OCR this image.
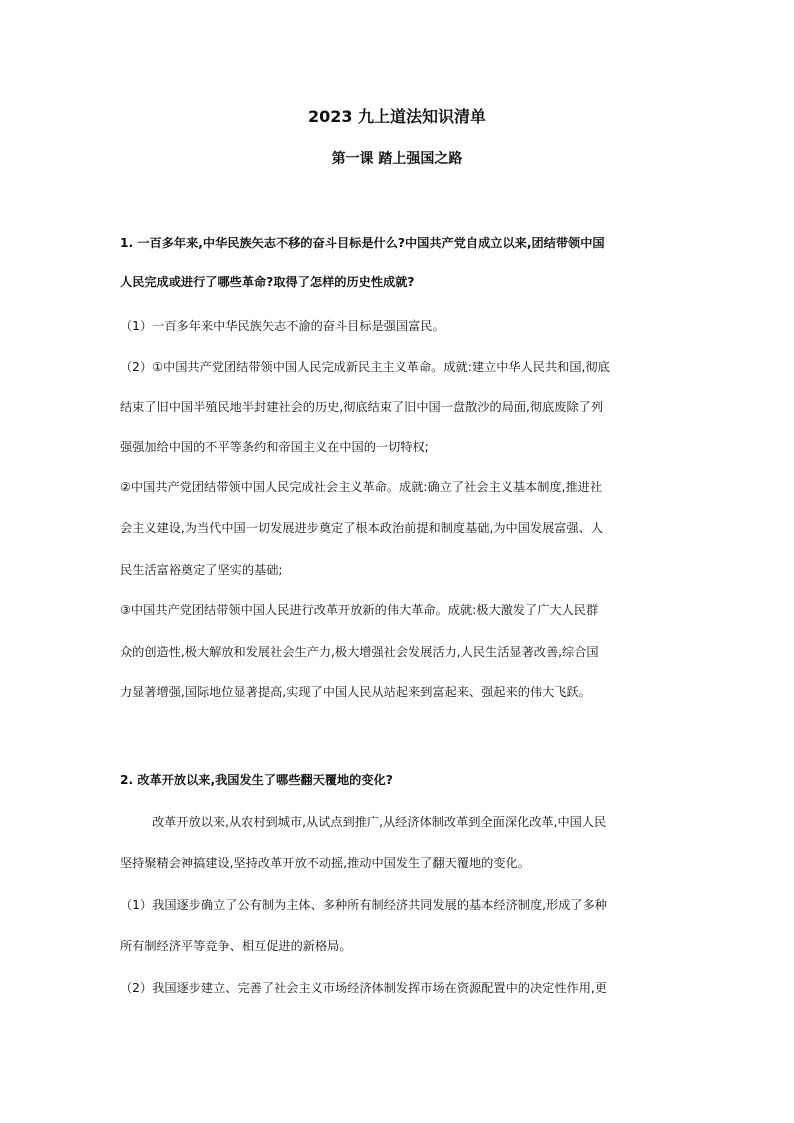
2023 九上道法知识清单
第一课 踏上强国之路
1. 一百多年来,中华民族矢志不移的奋斗目标是什么?中国共产党自成立以来,团结带领中国
人民完成或进行了哪些革命?取得了怎样的历史性成就?
（1）一百多年来中华民族矢志不渝的奋斗目标是强国富民。
（2）①中国共产党团结带领中国人民完成新民主主义革命。成就:建立中华人民共和国,彻底
结束了旧中国半殖民地半封建社会的历史,彻底结束了旧中国一盘散沙的局面,彻底废除了列
强强加给中国的不平等条约和帝国主义在中国的一切特权;
②中国共产党团结带领中国人民完成社会主义革命。成就:确立了社会主义基本制度,推进社
会主义建设,为当代中国一切发展进步奠定了根本政治前提和制度基础,为中国发展富强、人
民生活富裕奠定了坚实的基础;
③中国共产党团结带领中国人民进行改革开放新的伟大革命。成就:极大激发了广大人民群
众的创造性,极大解放和发展社会生产力,极大增强社会发展活力,人民生活显著改善,综合国
力显著增强,国际地位显著提高,实现了中国人民从站起来到富起来、强起来的伟大飞跃。
2. 改革开放以来,我国发生了哪些翻天覆地的变化?
改革开放以来,从农村到城市,从试点到推广,从经济体制改革到全面深化改革,中国人民
坚持聚精会神搞建设,坚持改革开放不动摇,推动中国发生了翻天覆地的变化。
（1）我国逐步确立了公有制为主体、多种所有制经济共同发展的基本经济制度,形成了多种
所有制经济平等竞争、相互促进的新格局。
（2）我国逐步建立、完善了社会主义市场经济体制发挥市场在资源配置中的决定性作用,更
